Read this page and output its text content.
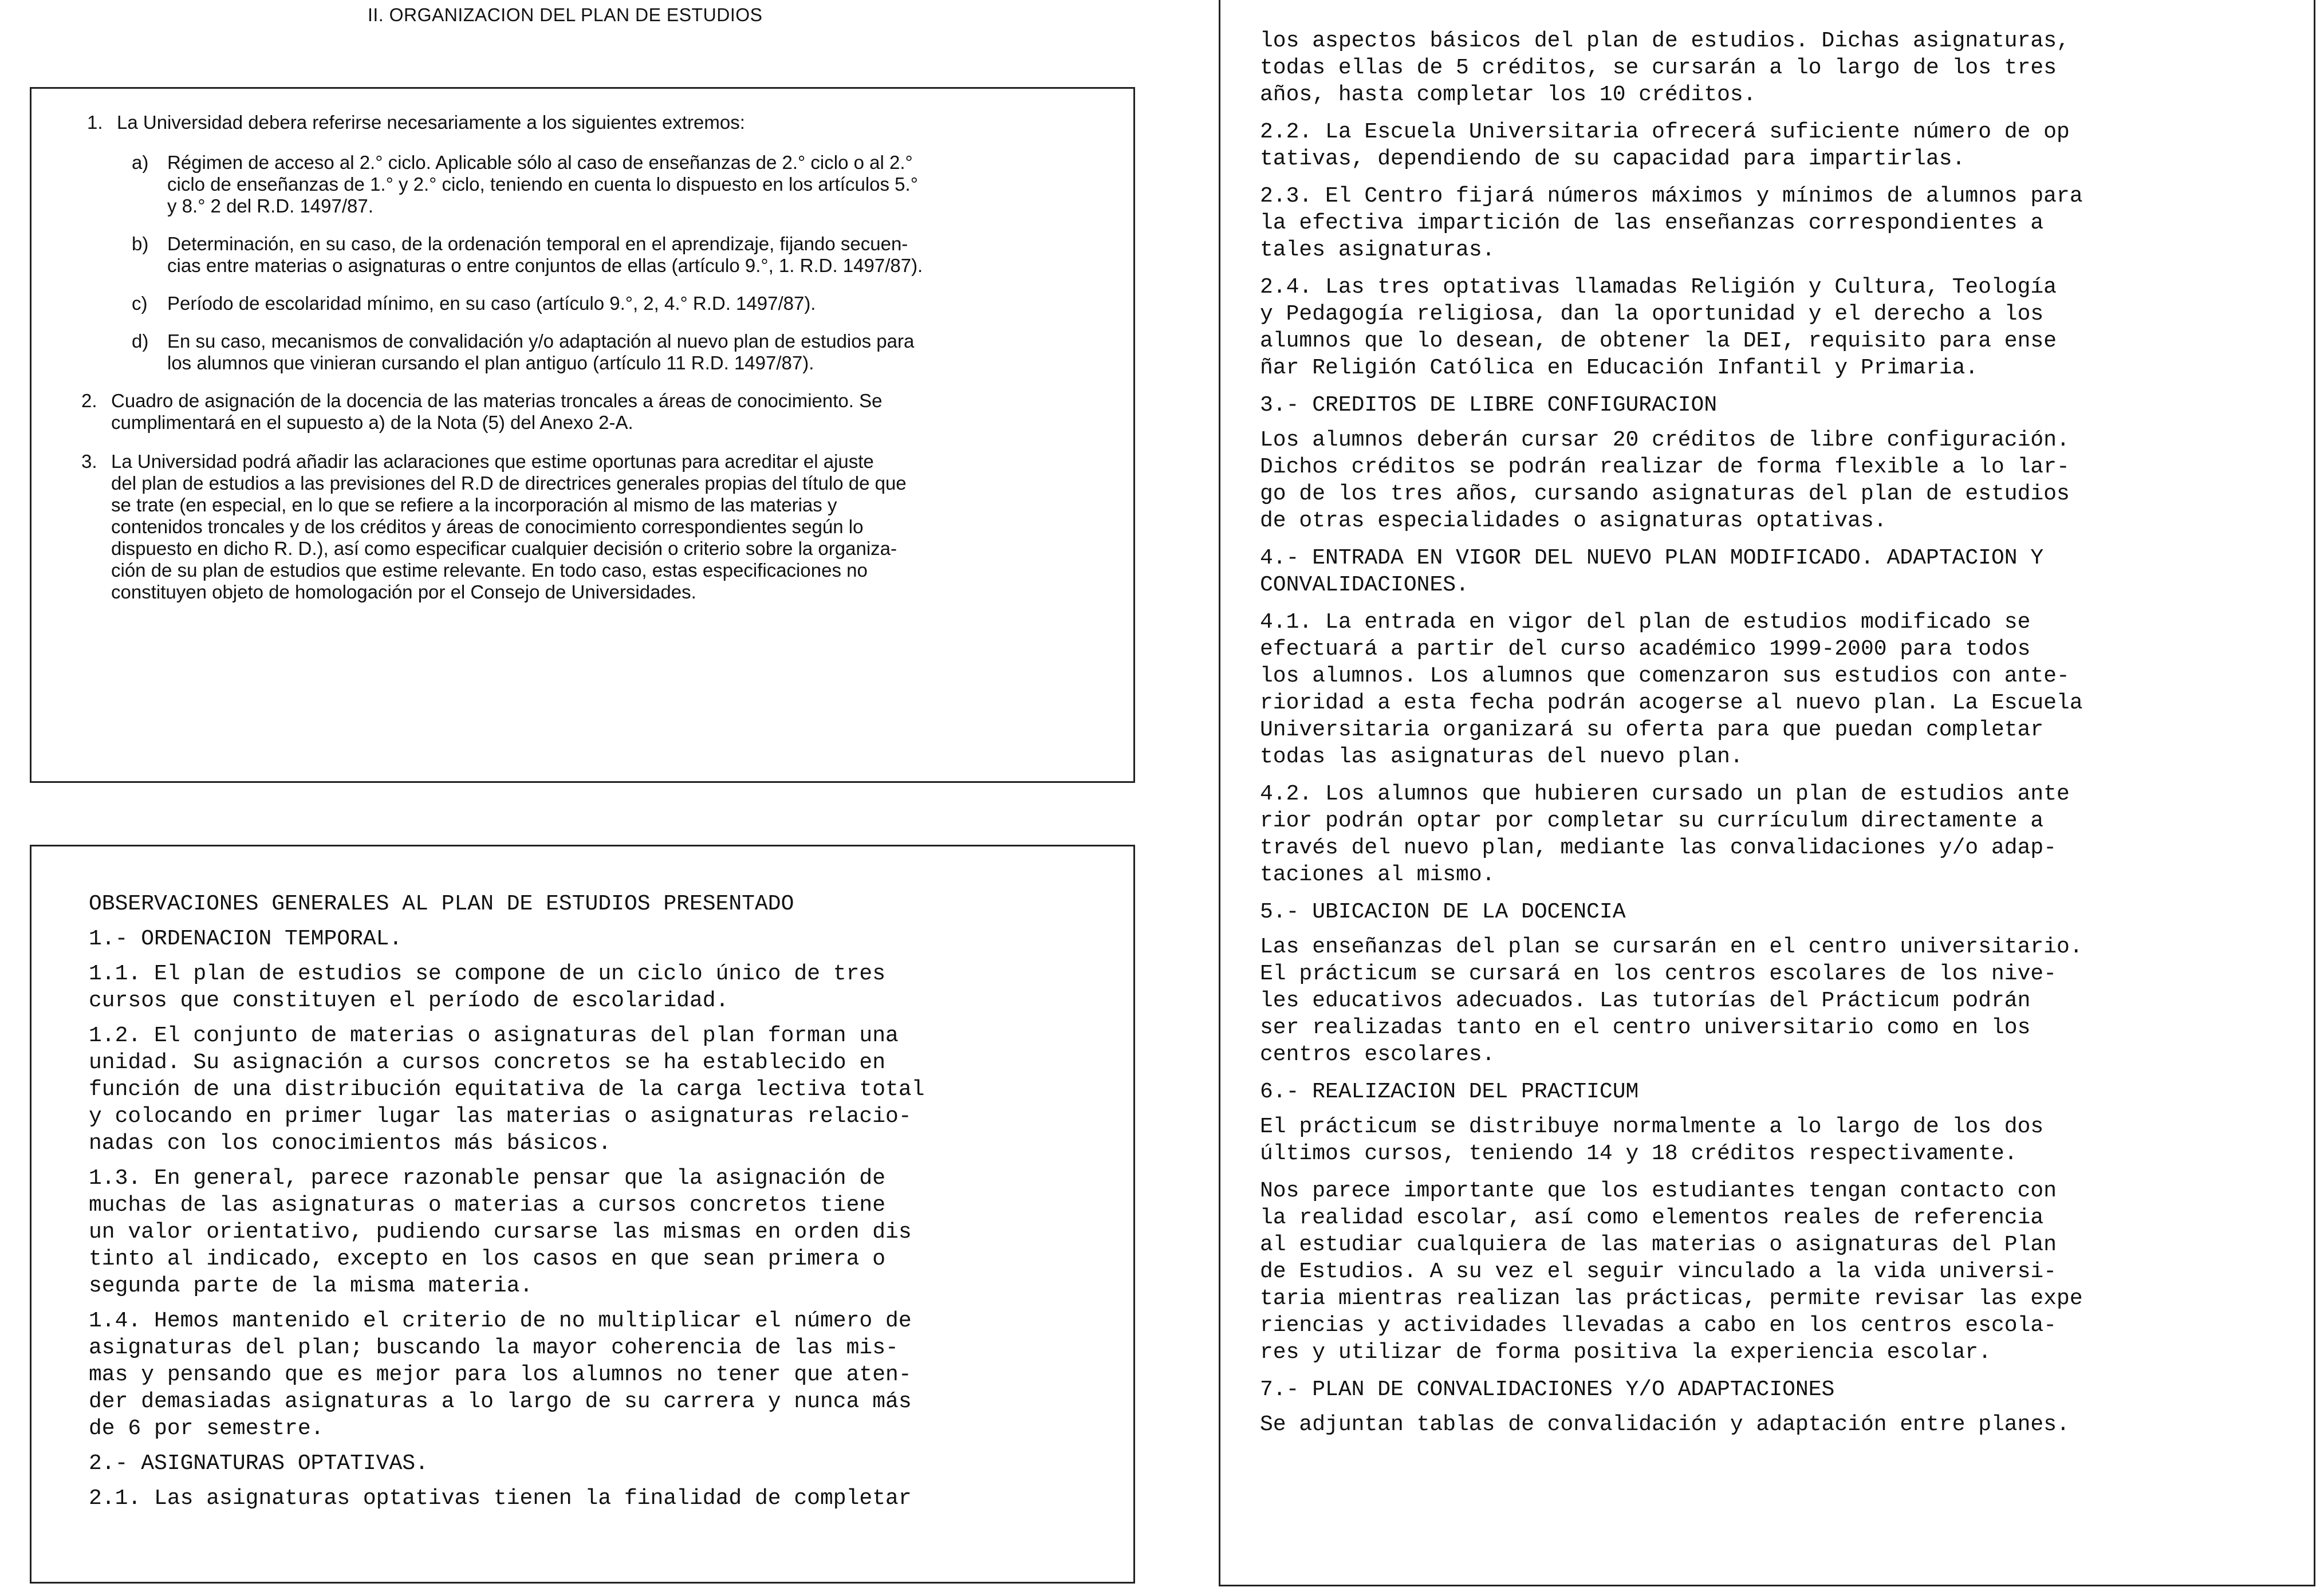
II. ORGANIZACION DEL PLAN DE ESTUDIOS
1. La Universidad debera referirse necesariamente a los siguientes extremos:
a) Régimen de acceso al 2.° ciclo. Aplicable sólo al caso de enseñanzas de 2.° ciclo o al 2.°
ciclo de enseñanzas de 1.° y 2.° ciclo, teniendo en cuenta lo dispuesto en los artículos 5.°
y 8.° 2 del R.D. 1497/87.
b) Determinación, en su caso, de la ordenación temporal en el aprendizaje, fijando secuen-
cias entre materias o asignaturas o entre conjuntos de ellas (artículo 9.°, 1. R.D. 1497/87).
c) Período de escolaridad mínimo, en su caso (artículo 9.°, 2, 4.° R.D. 1497/87).
d) En su caso, mecanismos de convalidación y/o adaptación al nuevo plan de estudios para
los alumnos que vinieran cursando el plan antiguo (artículo 11 R.D. 1497/87).
2. Cuadro de asignación de la docencia de las materias troncales a áreas de conocimiento. Se
cumplimentará en el supuesto a) de la Nota (5) del Anexo 2-A.
3. La Universidad podrá añadir las aclaraciones que estime oportunas para acreditar el ajuste
del plan de estudios a las previsiones del R.D de directrices generales propias del título de que
se trate (en especial, en lo que se refiere a la incorporación al mismo de las materias y
contenidos troncales y de los créditos y áreas de conocimiento correspondientes según lo
dispuesto en dicho R. D.), así como especificar cualquier decisión o criterio sobre la organiza-
ción de su plan de estudios que estime relevante. En todo caso, estas especificaciones no
constituyen objeto de homologación por el Consejo de Universidades.

OBSERVACIONES GENERALES AL PLAN DE ESTUDIOS PRESENTADO

1.- ORDENACION TEMPORAL.

1.1. El plan de estudios se compone de un ciclo único de tres
cursos que constituyen el período de escolaridad.

1.2. El conjunto de materias o asignaturas del plan forman una
unidad. Su asignación a cursos concretos se ha establecido en
función de una distribución equitativa de la carga lectiva total
y colocando en primer lugar las materias o asignaturas relacio-
nadas con los conocimientos más básicos.

1.3. En general, parece razonable pensar que la asignación de
muchas de las asignaturas o materias a cursos concretos tiene
un valor orientativo, pudiendo cursarse las mismas en orden dis
tinto al indicado, excepto en los casos en que sean primera o
segunda parte de la misma materia.

1.4. Hemos mantenido el criterio de no multiplicar el número de
asignaturas del plan; buscando la mayor coherencia de las mis-
mas y pensando que es mejor para los alumnos no tener que aten-
der demasiadas asignaturas a lo largo de su carrera y nunca más
de 6 por semestre.

2.- ASIGNATURAS OPTATIVAS.

2.1. Las asignaturas optativas tienen la finalidad de completar

los aspectos básicos del plan de estudios. Dichas asignaturas,
todas ellas de 5 créditos, se cursarán a lo largo de los tres
años, hasta completar los 10 créditos.

2.2. La Escuela Universitaria ofrecerá suficiente número de op
tativas, dependiendo de su capacidad para impartirlas.

2.3. El Centro fijará números máximos y mínimos de alumnos para
la efectiva impartición de las enseñanzas correspondientes a
tales asignaturas.

2.4. Las tres optativas llamadas Religión y Cultura, Teología
y Pedagogía religiosa, dan la oportunidad y el derecho a los
alumnos que lo desean, de obtener la DEI, requisito para ense
ñar Religión Católica en Educación Infantil y Primaria.

3.- CREDITOS DE LIBRE CONFIGURACION

Los alumnos deberán cursar 20 créditos de libre configuración.
Dichos créditos se podrán realizar de forma flexible a lo lar-
go de los tres años, cursando asignaturas del plan de estudios
de otras especialidades o asignaturas optativas.

4.- ENTRADA EN VIGOR DEL NUEVO PLAN MODIFICADO. ADAPTACION Y
CONVALIDACIONES.

4.1. La entrada en vigor del plan de estudios modificado se
efectuará a partir del curso académico 1999-2000 para todos
los alumnos. Los alumnos que comenzaron sus estudios con ante-
rioridad a esta fecha podrán acogerse al nuevo plan. La Escuela
Universitaria organizará su oferta para que puedan completar
todas las asignaturas del nuevo plan.

4.2. Los alumnos que hubieren cursado un plan de estudios ante
rior podrán optar por completar su currículum directamente a
través del nuevo plan, mediante las convalidaciones y/o adap-
taciones al mismo.

5.- UBICACION DE LA DOCENCIA

Las enseñanzas del plan se cursarán en el centro universitario.
El prácticum se cursará en los centros escolares de los nive-
les educativos adecuados. Las tutorías del Prácticum podrán
ser realizadas tanto en el centro universitario como en los
centros escolares.

6.- REALIZACION DEL PRACTICUM

El prácticum se distribuye normalmente a lo largo de los dos
últimos cursos, teniendo 14 y 18 créditos respectivamente.

Nos parece importante que los estudiantes tengan contacto con
la realidad escolar, así como elementos reales de referencia
al estudiar cualquiera de las materias o asignaturas del Plan
de Estudios. A su vez el seguir vinculado a la vida universi-
taria mientras realizan las prácticas, permite revisar las expe
riencias y actividades llevadas a cabo en los centros escola-
res y utilizar de forma positiva la experiencia escolar.

7.- PLAN DE CONVALIDACIONES Y/O ADAPTACIONES

Se adjuntan tablas de convalidación y adaptación entre planes.
